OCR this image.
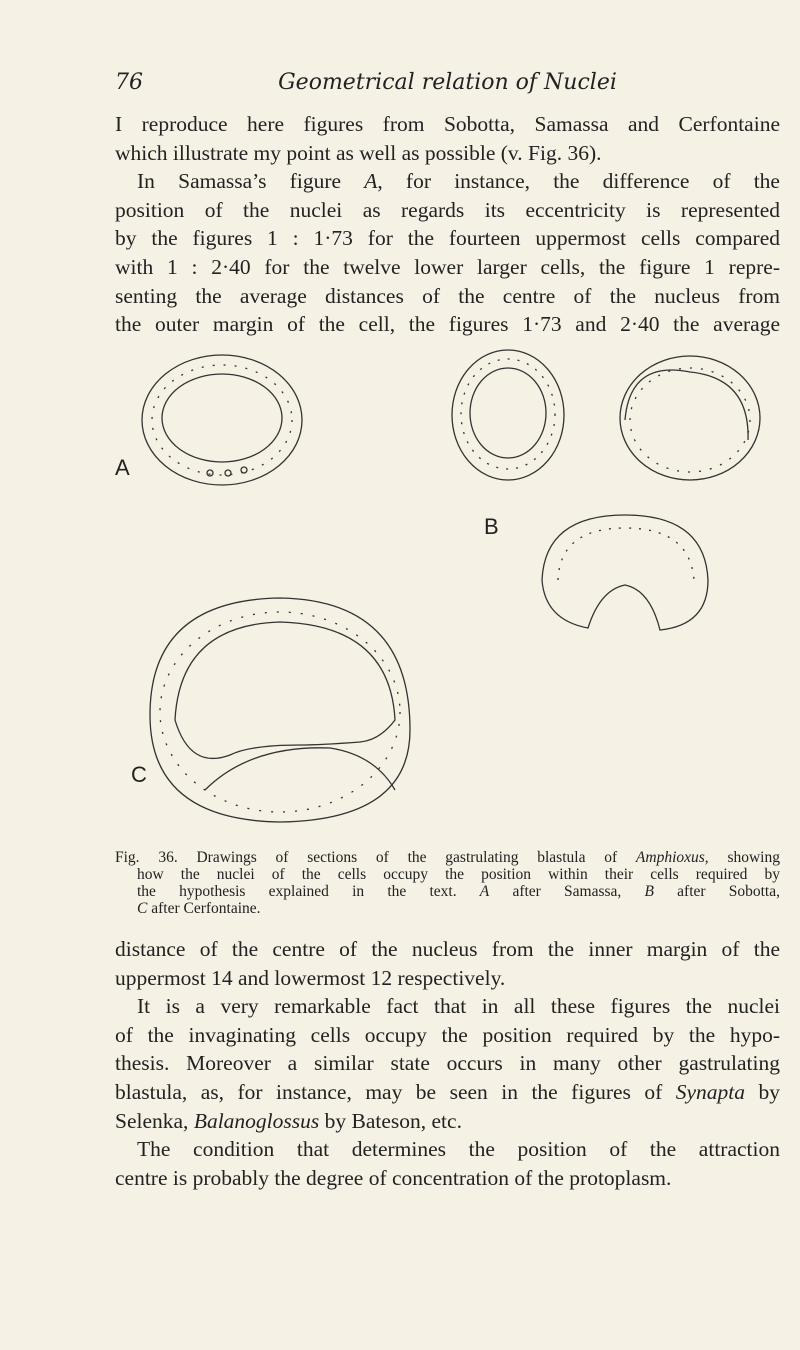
76	Geometrical relation of Nuclei
I reproduce here figures from Sobotta, Samassa and Cerfontaine
which illustrate my point as well as possible (v. Fig. 36).
In Samassa’s figure A, for instance, the difference of the
position of the nuclei as regards its eccentricity is represented
by the figures 1 : 1·73 for the fourteen uppermost cells compared
with 1 : 2·40 for the twelve lower larger cells, the figure 1 repre-
senting the average distances of the centre of the nucleus from
the outer margin of the cell, the figures 1·73 and 2·40 the average
A
B
C
Fig. 36. Drawings of sections of the gastrulating blastula of Amphioxus, showing
how the nuclei of the cells occupy the position within their cells required by
the hypothesis explained in the text. A after Samassa, B after Sobotta,
C after Cerfontaine.
distance of the centre of the nucleus from the inner margin of the
uppermost 14 and lowermost 12 respectively.
It is a very remarkable fact that in all these figures the nuclei
of the invaginating cells occupy the position required by the hypo-
thesis. Moreover a similar state occurs in many other gastrulating
blastula, as, for instance, may be seen in the figures of Synapta by
Selenka, Balanoglossus by Bateson, etc.
The condition that determines the position of the attraction
centre is probably the degree of concentration of the protoplasm.
